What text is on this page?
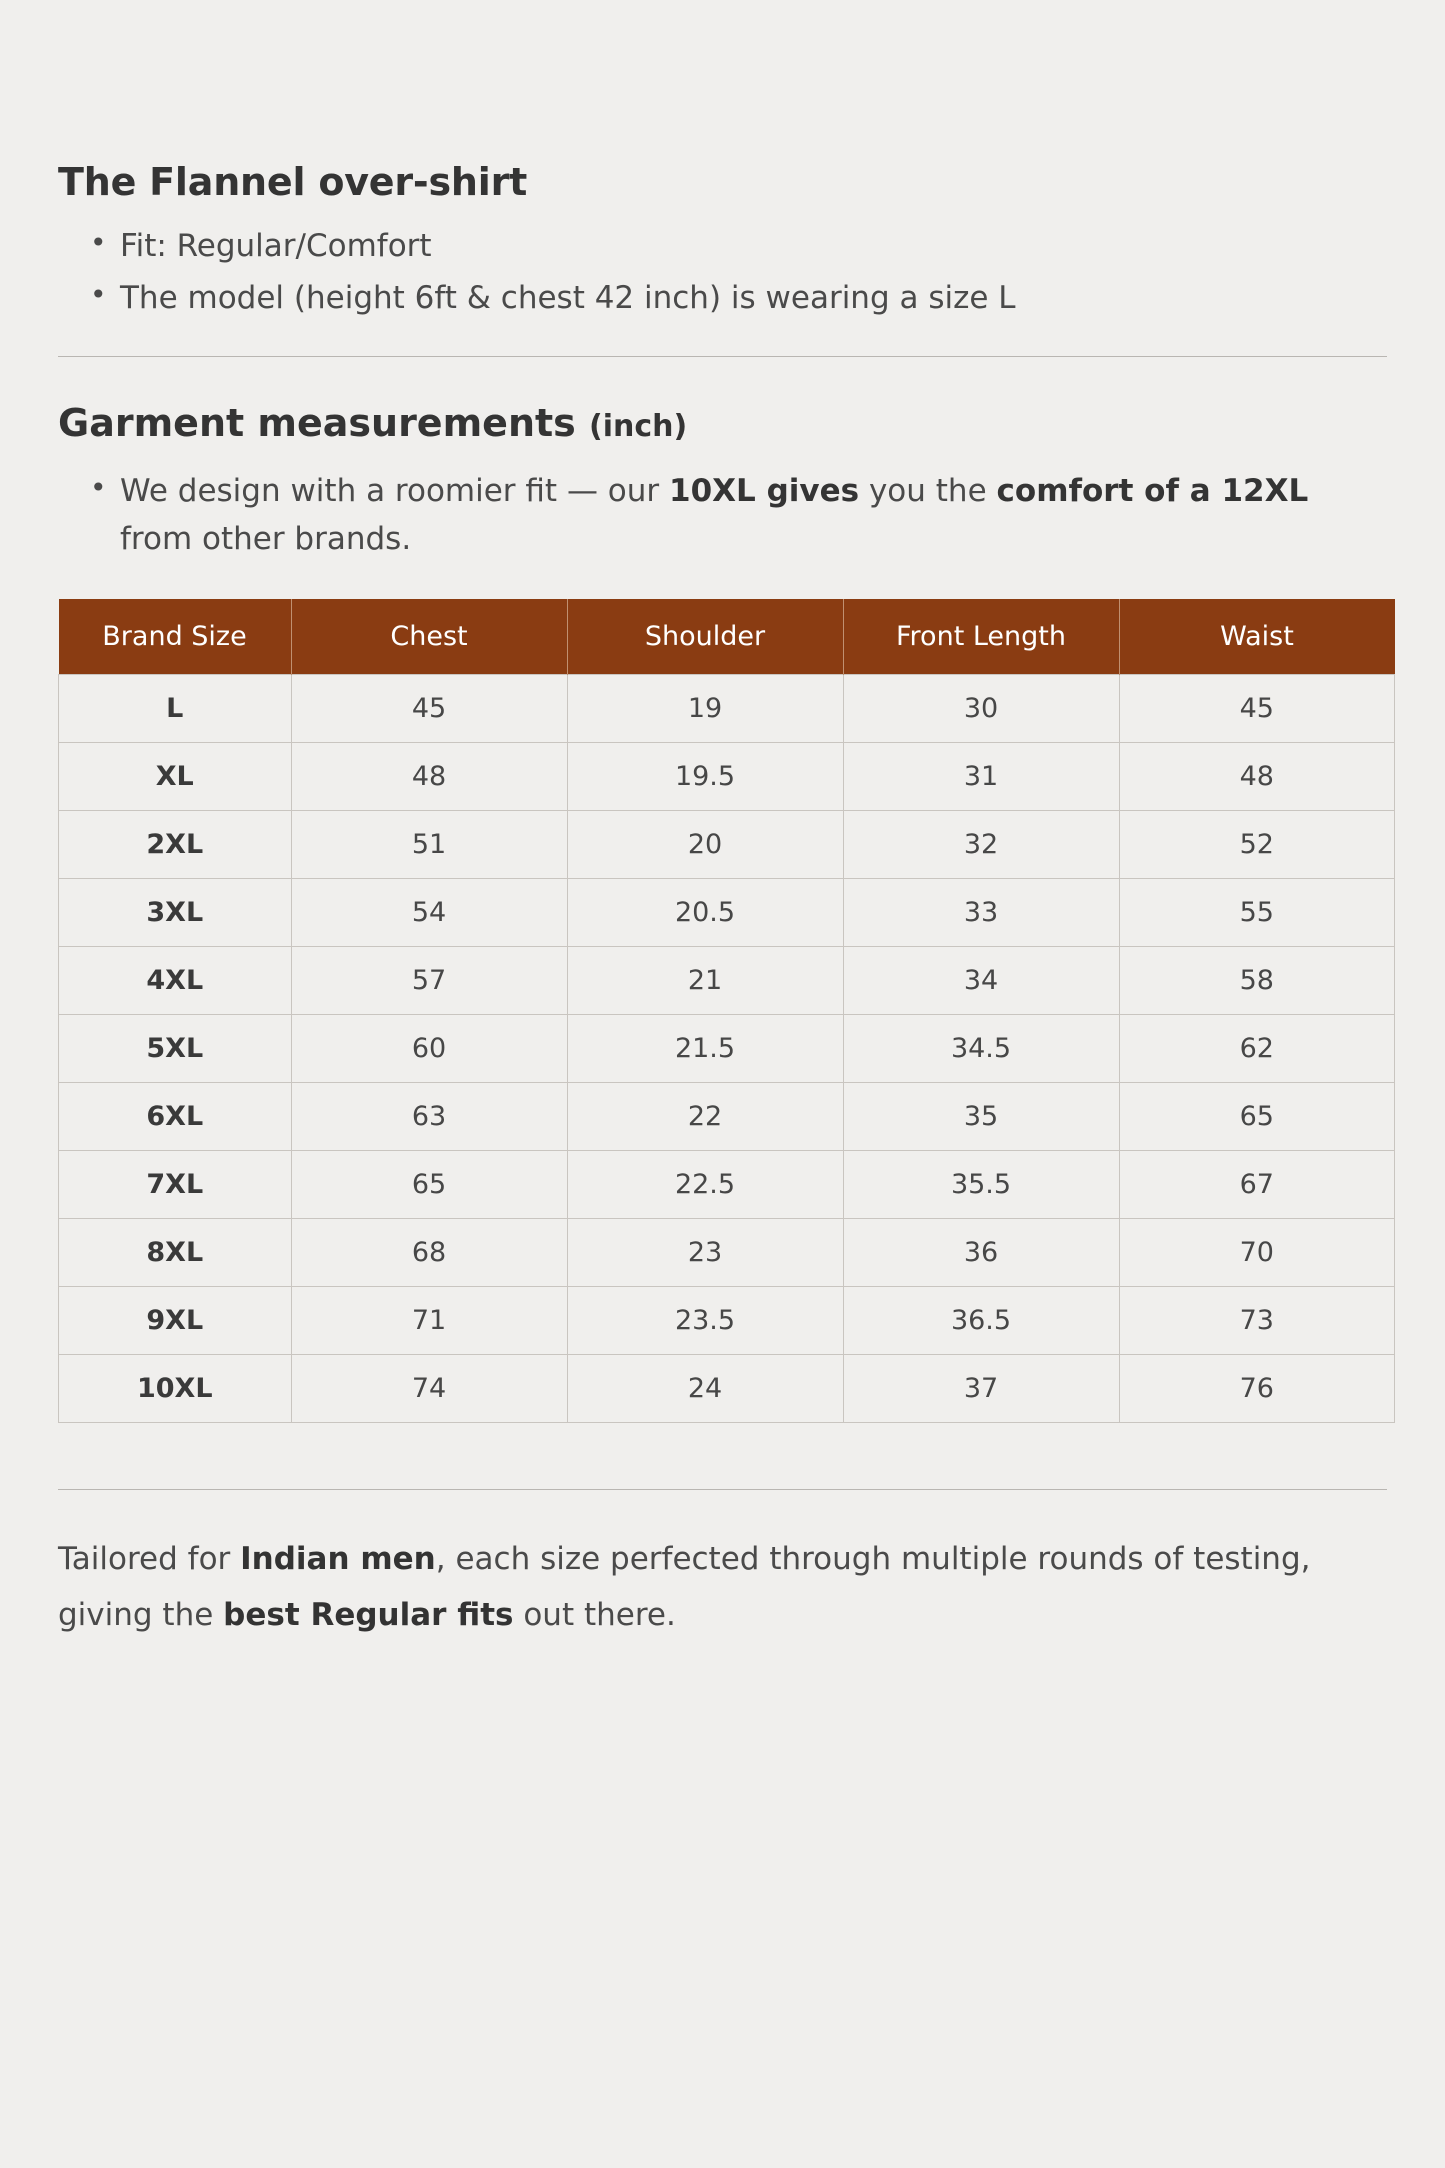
The Flannel over-shirt
• Fit: Regular/Comfort
• The model (height 6ft & chest 42 inch) is wearing a size L
Garment measurements (inch)
• We design with a roomier fit — our 10XL gives you the comfort of a 12XL from other brands.
Brand Size	Chest	Shoulder	Front Length	Waist
L	45	19	30	45
XL	48	19.5	31	48
2XL	51	20	32	52
3XL	54	20.5	33	55
4XL	57	21	34	58
5XL	60	21.5	34.5	62
6XL	63	22	35	65
7XL	65	22.5	35.5	67
8XL	68	23	36	70
9XL	71	23.5	36.5	73
10XL	74	24	37	76

Tailored for Indian men, each size perfected through multiple rounds of testing, giving the best Regular fits out there.
